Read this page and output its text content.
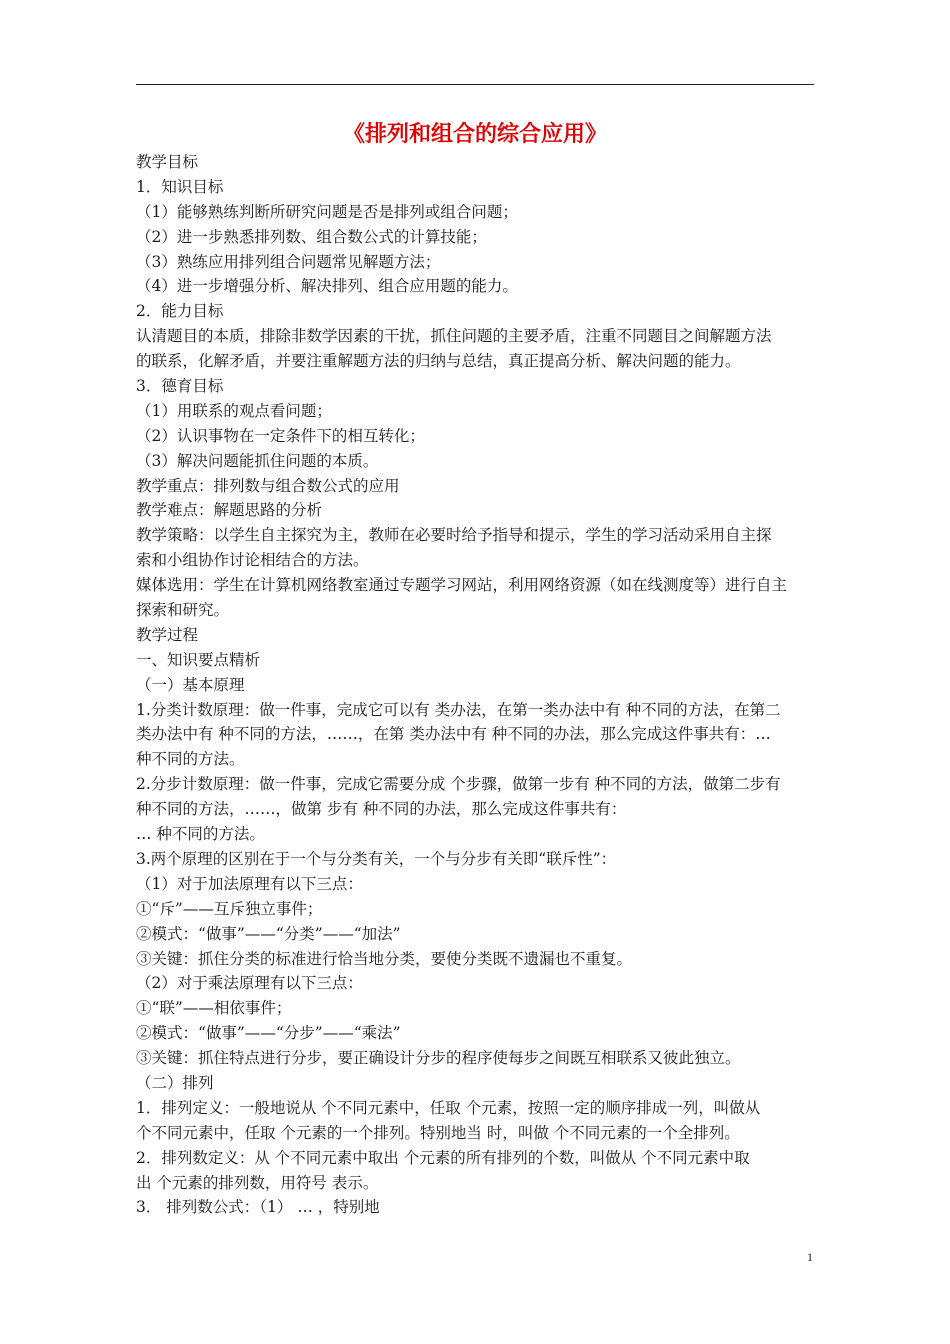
《排列和组合的综合应用》

教学目标

1．知识目标

（1）能够熟练判断所研究问题是否是排列或组合问题；

（2）进一步熟悉排列数、组合数公式的计算技能；

（3）熟练应用排列组合问题常见解题方法；

（4）进一步增强分析、解决排列、组合应用题的能力。

2．能力目标

认清题目的本质，排除非数学因素的干扰，抓住问题的主要矛盾，注重不同题目之间解题方法

的联系，化解矛盾，并要注重解题方法的归纳与总结，真正提高分析、解决问题的能力。

3．德育目标

（1）用联系的观点看问题；

（2）认识事物在一定条件下的相互转化；

（3）解决问题能抓住问题的本质。

教学重点：排列数与组合数公式的应用

教学难点：解题思路的分析

教学策略：以学生自主探究为主，教师在必要时给予指导和提示，学生的学习活动采用自主探

索和小组协作讨论相结合的方法。

媒体选用：学生在计算机网络教室通过专题学习网站，利用网络资源（如在线测度等）进行自主

探索和研究。

教学过程

一、知识要点精析

（一）基本原理

1.分类计数原理：做一件事，完成它可以有 类办法，在第一类办法中有 种不同的方法，在第二

类办法中有 种不同的方法，……，在第 类办法中有 种不同的办法，那么完成这件事共有：…

种不同的方法。

2.分步计数原理：做一件事，完成它需要分成 个步骤，做第一步有 种不同的方法，做第二步有

种不同的方法，……，做第 步有 种不同的办法，那么完成这件事共有：

… 种不同的方法。

3.两个原理的区别在于一个与分类有关，一个与分步有关即“联斥性”：

（1）对于加法原理有以下三点：

①“斥”——互斥独立事件；

②模式：“做事”——“分类”——“加法”

③关键：抓住分类的标准进行恰当地分类，要使分类既不遗漏也不重复。

（2）对于乘法原理有以下三点：

①“联”——相依事件；

②模式：“做事”——“分步”——“乘法”

③关键：抓住特点进行分步，要正确设计分步的程序使每步之间既互相联系又彼此独立。

（二）排列

1．排列定义：一般地说从 个不同元素中，任取 个元素，按照一定的顺序排成一列，叫做从

个不同元素中，任取 个元素的一个排列。特别地当 时，叫做 个不同元素的一个全排列。

2．排列数定义：从 个不同元素中取出 个元素的所有排列的个数，叫做从 个不同元素中取

出 个元素的排列数，用符号 表示。

3． 排列数公式：（1） … ，特别地

1
